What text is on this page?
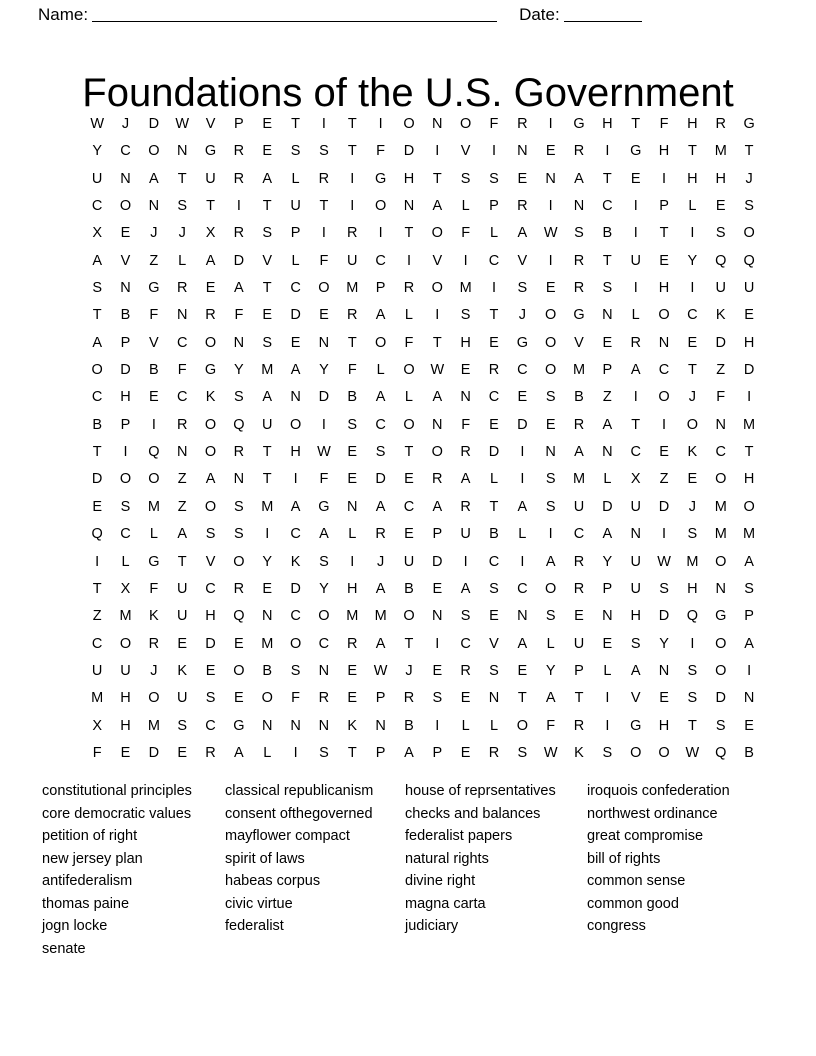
Name:	Date:
Foundations of the U.S. Government
W	J	D	W	V	P	E	T	I	T	I	O	N	O	F	R	I	G	H	T	F	H	R	G
Y	C	O	N	G	R	E	S	S	T	F	D	I	V	I	N	E	R	I	G	H	T	M	T
U	N	A	T	U	R	A	L	R	I	G	H	T	S	S	E	N	A	T	E	I	H	H	J
C	O	N	S	T	I	T	U	T	I	O	N	A	L	P	R	I	N	C	I	P	L	E	S
X	E	J	J	X	R	S	P	I	R	I	T	O	F	L	A	W	S	B	I	T	I	S	O
A	V	Z	L	A	D	V	L	F	U	C	I	V	I	C	V	I	R	T	U	E	Y	Q	Q
S	N	G	R	E	A	T	C	O	M	P	R	O	M	I	S	E	R	S	I	H	I	U	U
T	B	F	N	R	F	E	D	E	R	A	L	I	S	T	J	O	G	N	L	O	C	K	E
A	P	V	C	O	N	S	E	N	T	O	F	T	H	E	G	O	V	E	R	N	E	D	H
O	D	B	F	G	Y	M	A	Y	F	L	O	W	E	R	C	O	M	P	A	C	T	Z	D
C	H	E	C	K	S	A	N	D	B	A	L	A	N	C	E	S	B	Z	I	O	J	F	I
B	P	I	R	O	Q	U	O	I	S	C	O	N	F	E	D	E	R	A	T	I	O	N	M
T	I	Q	N	O	R	T	H	W	E	S	T	O	R	D	I	N	A	N	C	E	K	C	T
D	O	O	Z	A	N	T	I	F	E	D	E	R	A	L	I	S	M	L	X	Z	E	O	H
E	S	M	Z	O	S	M	A	G	N	A	C	A	R	T	A	S	U	D	U	D	J	M	O
Q	C	L	A	S	S	I	C	A	L	R	E	P	U	B	L	I	C	A	N	I	S	M	M
I	L	G	T	V	O	Y	K	S	I	J	U	D	I	C	I	A	R	Y	U	W	M	O	A
T	X	F	U	C	R	E	D	Y	H	A	B	E	A	S	C	O	R	P	U	S	H	N	S
Z	M	K	U	H	Q	N	C	O	M	M	O	N	S	E	N	S	E	N	H	D	Q	G	P
C	O	R	E	D	E	M	O	C	R	A	T	I	C	V	A	L	U	E	S	Y	I	O	A
U	U	J	K	E	O	B	S	N	E	W	J	E	R	S	E	Y	P	L	A	N	S	O	I
M	H	O	U	S	E	O	F	R	E	P	R	S	E	N	T	A	T	I	V	E	S	D	N
X	H	M	S	C	G	N	N	N	K	N	B	I	L	L	O	F	R	I	G	H	T	S	E
F	E	D	E	R	A	L	I	S	T	P	A	P	E	R	S	W	K	S	O	O	W	Q	B
constitutional principles
core democratic values
petition of right
new jersey plan
antifederalism
thomas paine
jogn locke
senate
classical republicanism
consent ofthegoverned
mayflower compact
spirit of laws
habeas corpus
civic virtue
federalist
house of reprsentatives
checks and balances
federalist papers
natural rights
divine right
magna carta
judiciary
iroquois confederation
northwest ordinance
great compromise
bill of rights
common sense
common good
congress
